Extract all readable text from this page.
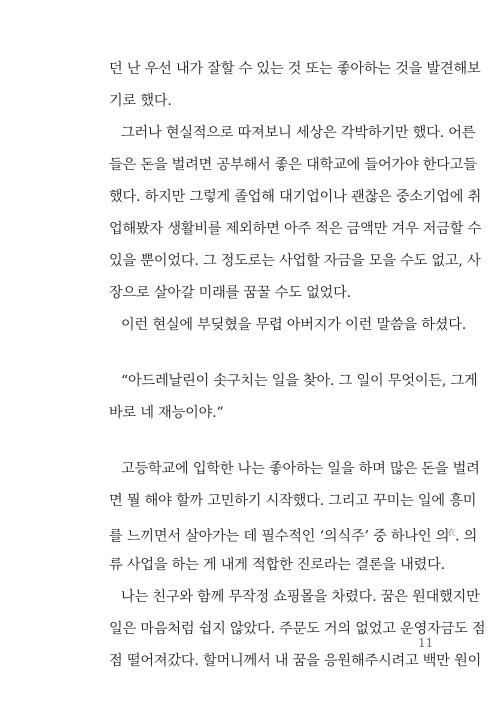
던 난 우선 내가 잘할 수 있는 것 또는 좋아하는 것을 발견해보
기로 했다.
그러나 현실적으로 따져보니 세상은 각박하기만 했다. 어른
들은 돈을 벌려면 공부해서 좋은 대학교에 들어가야 한다고들
했다. 하지만 그렇게 졸업해 대기업이나 괜찮은 중소기업에 취
업해봤자 생활비를 제외하면 아주 적은 금액만 겨우 저금할 수
있을 뿐이었다. 그 정도로는 사업할 자금을 모을 수도 없고, 사
장으로 살아갈 미래를 꿈꿀 수도 없었다.
이런 현실에 부딪혔을 무렵 아버지가 이런 말씀을 하셨다.
“아드레날린이 솟구치는 일을 찾아. 그 일이 무엇이든, 그게
바로 네 재능이야.”
고등학교에 입학한 나는 좋아하는 일을 하며 많은 돈을 벌려
면 뭘 해야 할까 고민하기 시작했다. 그리고 꾸미는 일에 흥미
를 느끼면서 살아가는 데 필수적인 ‘의식주’ 중 하나인 의$^衣$. 의
류 사업을 하는 게 내게 적합한 진로라는 결론을 내렸다.
나는 친구와 함께 무작정 쇼핑몰을 차렸다. 꿈은 원대했지만
일은 마음처럼 쉽지 않았다. 주문도 거의 없었고 운영자금도 점
점 떨어져갔다. 할머니께서 내 꿈을 응원해주시려고 백만 원이
11
